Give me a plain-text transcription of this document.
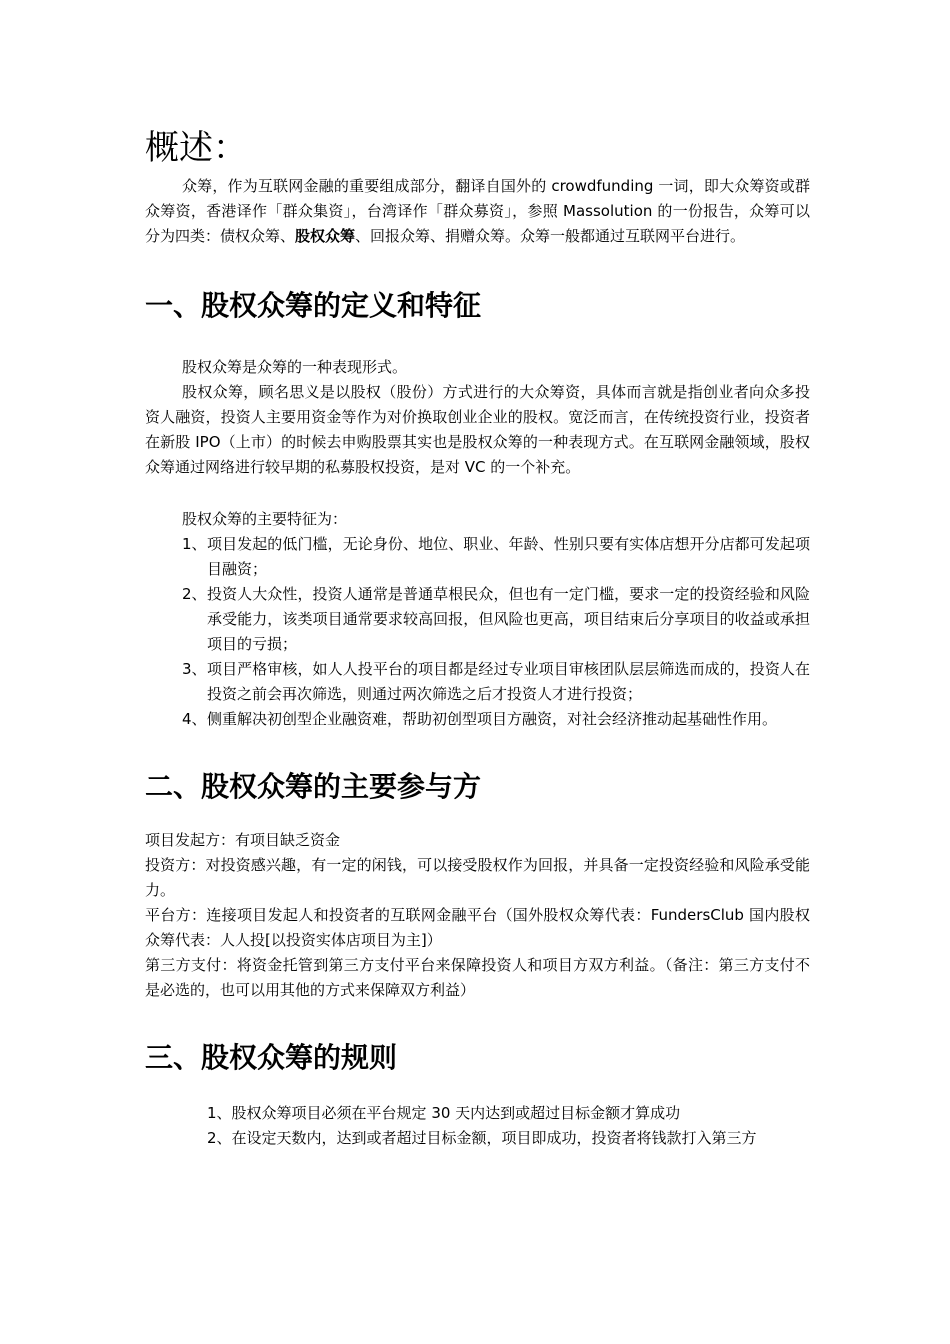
概述：

众筹，作为互联网金融的重要组成部分，翻译自国外的 crowdfunding 一词，即大众筹资或群众筹资，香港译作「群众集资」，台湾译作「群众募资」，参照 Massolution 的一份报告，众筹可以分为四类：债权众筹、股权众筹、回报众筹、捐赠众筹。众筹一般都通过互联网平台进行。

一、股权众筹的定义和特征

股权众筹是众筹的一种表现形式。

股权众筹，顾名思义是以股权（股份）方式进行的大众筹资，具体而言就是指创业者向众多投资人融资，投资人主要用资金等作为对价换取创业企业的股权。宽泛而言，在传统投资行业，投资者在新股 IPO（上市）的时候去申购股票其实也是股权众筹的一种表现方式。在互联网金融领域，股权众筹通过网络进行较早期的私募股权投资，是对 VC 的一个补充。

股权众筹的主要特征为：

1、 项目发起的低门槛，无论身份、地位、职业、年龄、性别只要有实体店想开分店都可发起项目融资；
2、 投资人大众性，投资人通常是普通草根民众，但也有一定门槛，要求一定的投资经验和风险承受能力，该类项目通常要求较高回报，但风险也更高，项目结束后分享项目的收益或承担项目的亏损；
3、 项目严格审核，如人人投平台的项目都是经过专业项目审核团队层层筛选而成的，投资人在投资之前会再次筛选，则通过两次筛选之后才投资人才进行投资；
4、 侧重解决初创型企业融资难，帮助初创型项目方融资，对社会经济推动起基础性作用。
二、股权众筹的主要参与方

项目发起方：有项目缺乏资金

投资方：对投资感兴趣，有一定的闲钱，可以接受股权作为回报，并具备一定投资经验和风险承受能力。

平台方：连接项目发起人和投资者的互联网金融平台（国外股权众筹代表：FundersClub 国内股权众筹代表：人人投[以投资实体店项目为主]）

第三方支付：将资金托管到第三方支付平台来保障投资人和项目方双方利益。（备注：第三方支付不是必选的，也可以用其他的方式来保障双方利益）

三、股权众筹的规则
1、股权众筹项目必须在平台规定 30 天内达到或超过目标金额才算成功
2、在设定天数内，达到或者超过目标金额，项目即成功，投资者将钱款打入第三方
